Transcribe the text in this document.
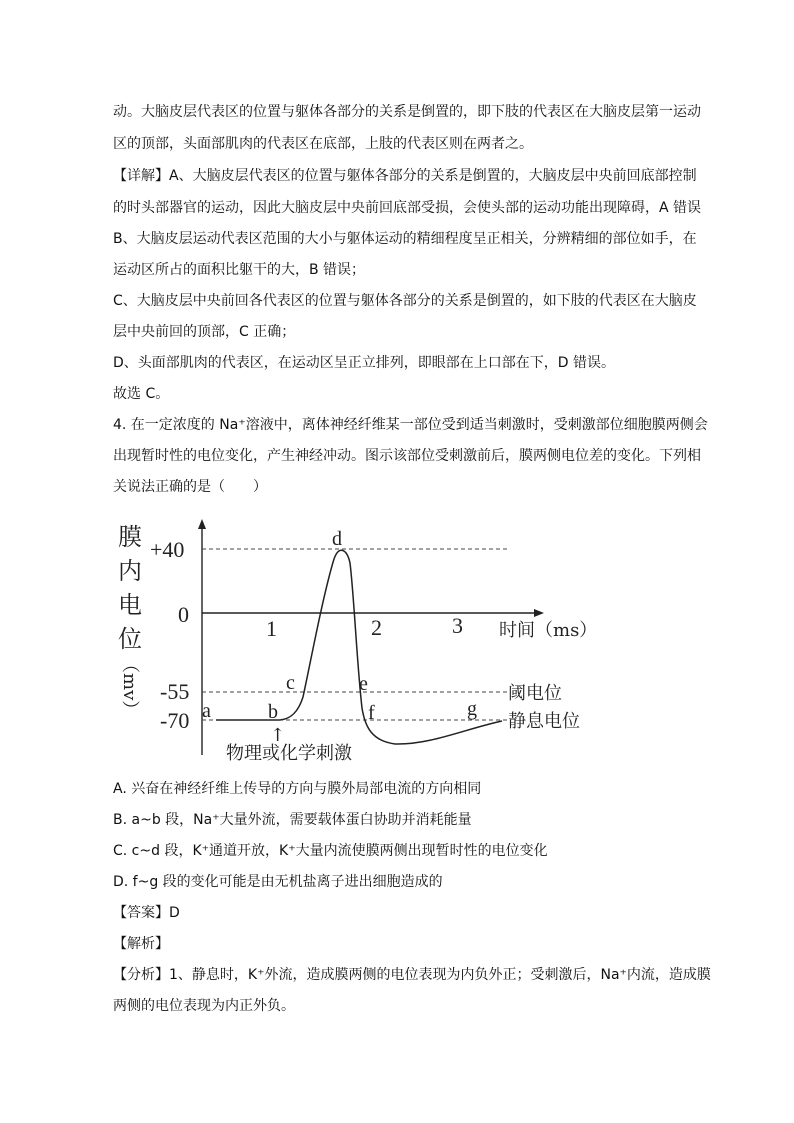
动。大脑皮层代表区的位置与躯体各部分的关系是倒置的，即下肢的代表区在大脑皮层第一运动
区的顶部，头面部肌肉的代表区在底部，上肢的代表区则在两者之。
【详解】A、大脑皮层代表区的位置与躯体各部分的关系是倒置的，大脑皮层中央前回底部控制
的时头部器官的运动，因此大脑皮层中央前回底部受损，会使头部的运动功能出现障碍，A 错误
B、大脑皮层运动代表区范围的大小与躯体运动的精细程度呈正相关，分辨精细的部位如手，在
运动区所占的面积比躯干的大，B 错误；
C、大脑皮层中央前回各代表区的位置与躯体各部分的关系是倒置的，如下肢的代表区在大脑皮
层中央前回的顶部，C 正确；
D、头面部肌肉的代表区，在运动区呈正立排列，即眼部在上口部在下，D 错误。
故选 C。
4. 在一定浓度的 Na⁺溶液中，离体神经纤维某一部位受到适当刺激时，受刺激部位细胞膜两侧会
出现暂时性的电位变化，产生神经冲动。图示该部位受刺激前后，膜两侧电位差的变化。下列相
关说法正确的是（　　）
A. 兴奋在神经纤维上传导的方向与膜外局部电流的方向相同
B. a~b 段，Na⁺大量外流，需要载体蛋白协助并消耗能量
C. c~d 段，K⁺通道开放，K⁺大量内流使膜两侧出现暂时性的电位变化
D. f~g 段的变化可能是由无机盐离子进出细胞造成的
【答案】D
【解析】
【分析】1、静息时，K⁺外流，造成膜两侧的电位表现为内负外正；受刺激后，Na⁺内流，造成膜
两侧的电位表现为内正外负。
膜
内
电
位
（mv）
+40
0
-55
-70
1	2	3 时间（ms）
a	b
c
d
e
f	g
阈电位
静息电位
↑
物理或化学刺激
